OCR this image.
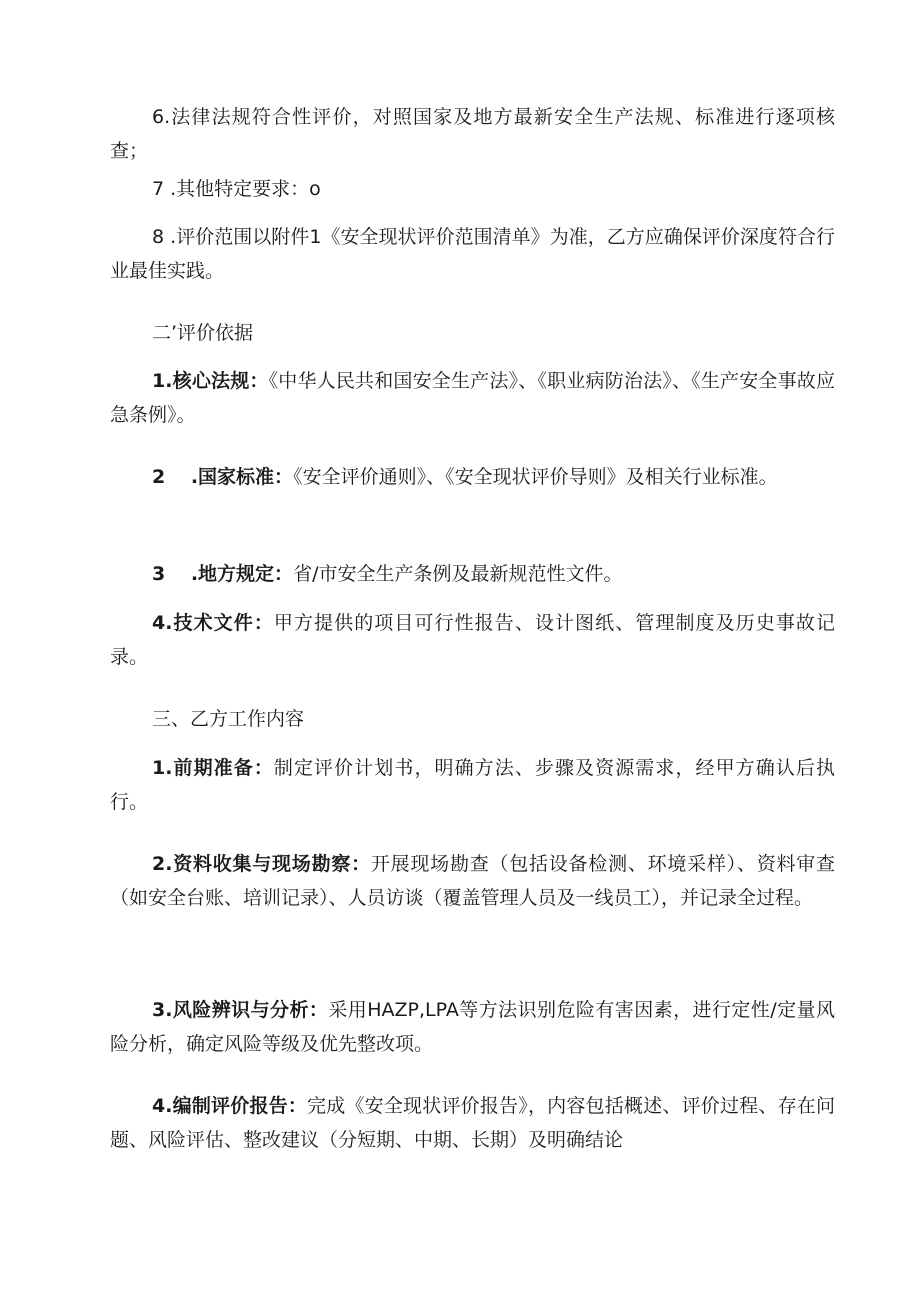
6.法律法规符合性评价，对照国家及地方最新安全生产法规、标准进行逐项核查；

7 .其他特定要求：o

8 .评价范围以附件1《安全现状评价范围清单》为准，乙方应确保评价深度符合行业最佳实践。

二’评价依据

1.核心法规：《中华人民共和国安全生产法》、《职业病防治法》、《生产安全事故应急条例》。

2　 .国家标准：《安全评价通则》、《安全现状评价导则》及相关行业标准。

3　 .地方规定：省/市安全生产条例及最新规范性文件。

4.技术文件：甲方提供的项目可行性报告、设计图纸、管理制度及历史事故记录。

三、乙方工作内容

1.前期准备：制定评价计划书，明确方法、步骤及资源需求，经甲方确认后执行。

2.资料收集与现场勘察：开展现场勘查（包括设备检测、环境采样）、资料审查（如安全台账、培训记录）、人员访谈（覆盖管理人员及一线员工），并记录全过程。

3.风险辨识与分析：采用HAZP,LPA等方法识别危险有害因素，进行定性/定量风险分析，确定风险等级及优先整改项。

4.编制评价报告：完成《安全现状评价报告》，内容包括概述、评价过程、存在问题、风险评估、整改建议（分短期、中期、长期）及明确结论
